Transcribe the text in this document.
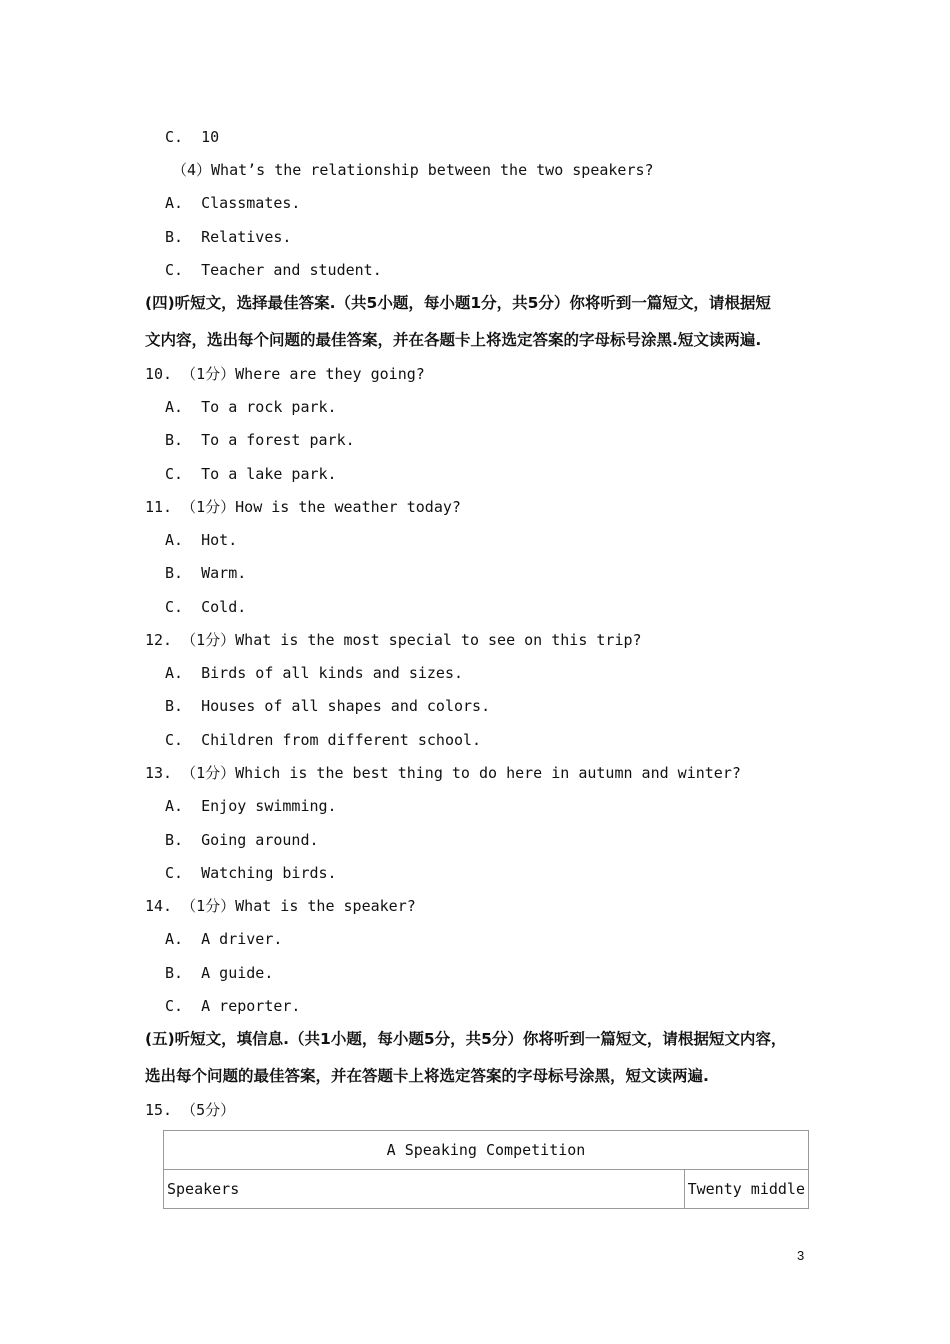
C.  10
（4）What’s the relationship between the two speakers?
A.  Classmates.
B.  Relatives.
C.  Teacher and student.
(四)听短文，选择最佳答案.（共5小题，每小题1分，共5分）你将听到一篇短文，请根据短
文内容，选出每个问题的最佳答案，并在各题卡上将选定答案的字母标号涂黑.短文读两遍.
10. （1分）Where are they going?
A.  To a rock park.
B.  To a forest park.
C.  To a lake park.
11. （1分）How is the weather today?
A.  Hot.
B.  Warm.
C.  Cold.
12. （1分）What is the most special to see on this trip?
A.  Birds of all kinds and sizes.
B.  Houses of all shapes and colors.
C.  Children from different school.
13. （1分）Which is the best thing to do here in autumn and winter?
A.  Enjoy swimming.
B.  Going around.
C.  Watching birds.
14. （1分）What is the speaker?
A.  A driver.
B.  A guide.
C.  A reporter.
(五)听短文，填信息.（共1小题，每小题5分，共5分）你将听到一篇短文，请根据短文内容，
选出每个问题的最佳答案，并在答题卡上将选定答案的字母标号涂黑，短文读两遍.
15. （5分）
A Speaking Competition
Speakers	Twenty middle
3
